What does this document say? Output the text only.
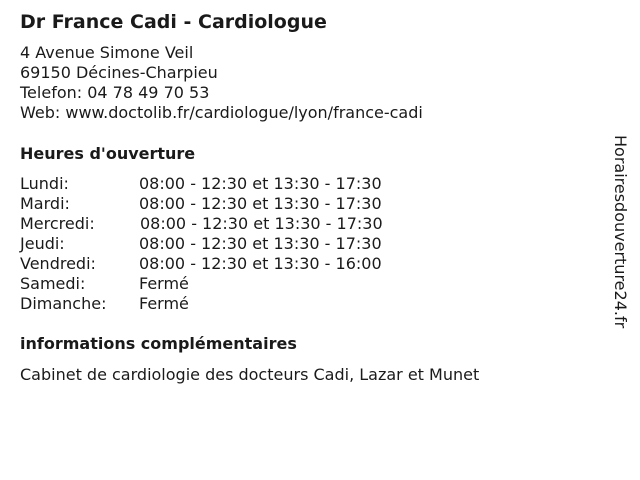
Dr France Cadi - Cardiologue
4 Avenue Simone Veil
69150 Décines-Charpieu
Telefon: 04 78 49 70 53
Web: www.doctolib.fr/cardiologue/lyon/france-cadi
Heures d'ouverture
Lundi:	08:00 - 12:30 et 13:30 - 17:30
Mardi:	08:00 - 12:30 et 13:30 - 17:30
Mercredi:	08:00 - 12:30 et 13:30 - 17:30
Jeudi:	08:00 - 12:30 et 13:30 - 17:30
Vendredi:	08:00 - 12:30 et 13:30 - 16:00
Samedi:	Fermé
Dimanche: Fermé
informations complémentaires
Cabinet de cardiologie des docteurs Cadi, Lazar et Munet
Horairesdouverture24.fr
